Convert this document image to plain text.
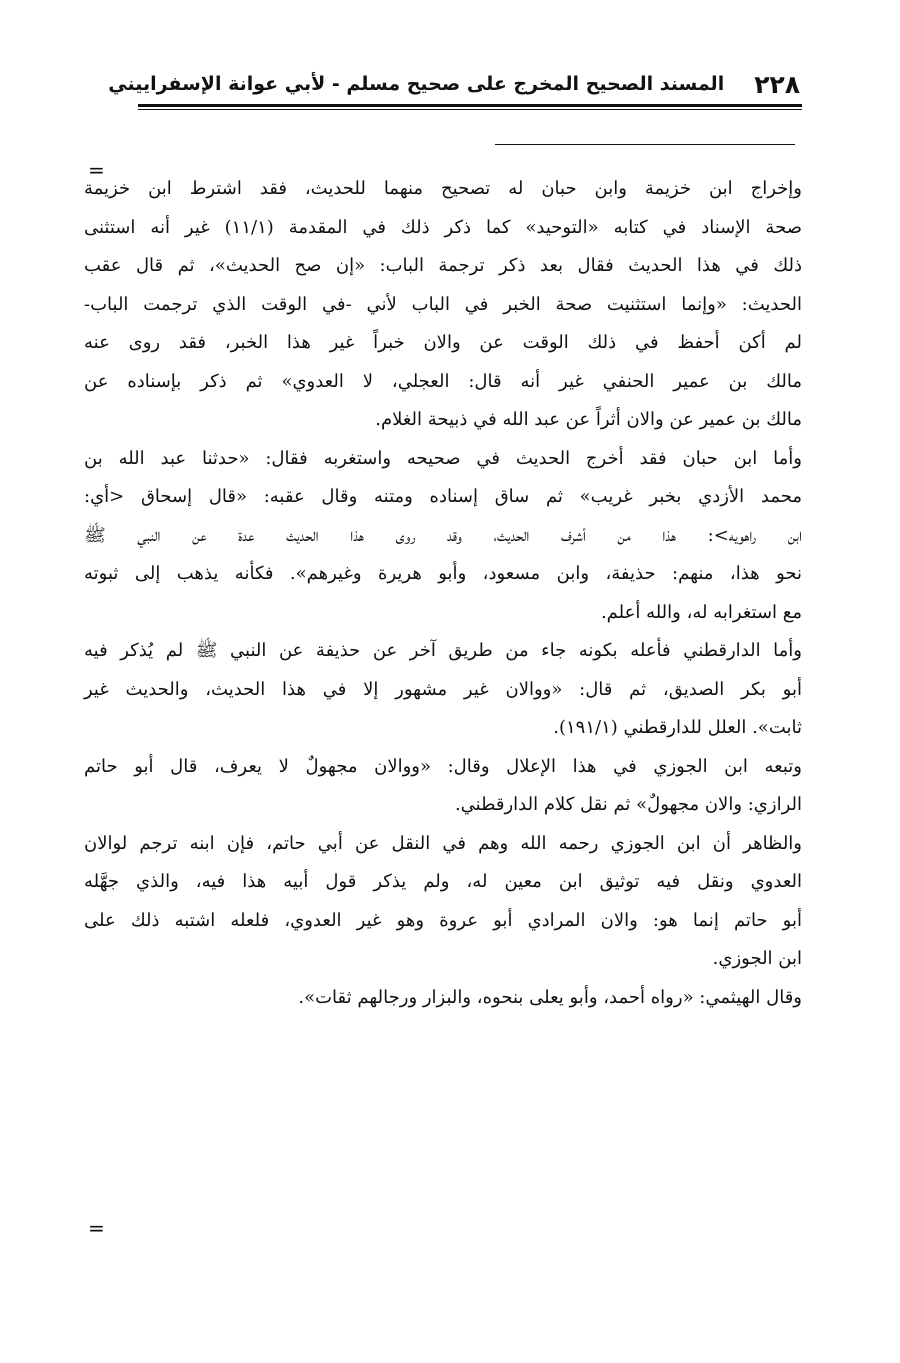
٢٢٨
المسند الصحيح المخرج على صحيح مسلم - لأبي عوانة الإسفراييني
=
=
وإخراج ابن خزيمة وابن حبان له تصحيح منهما للحديث، فقد اشترط ابن خزيمة
صحة الإسناد في كتابه «التوحيد» كما ذكر ذلك في المقدمة (١١/١) غير أنه استثنى
ذلك في هذا الحديث فقال بعد ذكر ترجمة الباب: «إن صح الحديث»، ثم قال عقب
الحديث: «وإنما استثنيت صحة الخبر في الباب لأني -في الوقت الذي ترجمت الباب-
لم أكن أحفظ في ذلك الوقت عن والان خبراً غير هذا الخبر، فقد روى عنه
مالك بن عمير الحنفي غير أنه قال: العجلي، لا العدوي» ثم ذكر بإسناده عن
مالك بن عمير عن والان أثراً عن عبد الله في ذبيحة الغلام.
وأما ابن حبان فقد أخرج الحديث في صحيحه واستغربه فقال: «حدثنا عبد الله بن
محمد الأزدي بخبر غريب» ثم ساق إسناده ومتنه وقال عقبه: «قال إسحاق <أي:
ابن راهويه>: هذا من أشرف الحديث، وقد روى هذا الحديث عدة عن النبي ﷺ
نحو هذا، منهم: حذيفة، وابن مسعود، وأبو هريرة وغيرهم». فكأنه يذهب إلى ثبوته
مع استغرابه له، والله أعلم.
وأما الدارقطني فأعله بكونه جاء من طريق آخر عن حذيفة عن النبي ﷺ لم يُذكر فيه
أبو بكر الصديق، ثم قال: «ووالان غير مشهور إلا في هذا الحديث، والحديث غير
ثابت». العلل للدارقطني (١٩١/١).
وتبعه ابن الجوزي في هذا الإعلال وقال: «ووالان مجهولٌ لا يعرف، قال أبو حاتم
الرازي: والان مجهولٌ» ثم نقل كلام الدارقطني.
والظاهر أن ابن الجوزي رحمه الله وهم في النقل عن أبي حاتم، فإن ابنه ترجم لوالان
العدوي ونقل فيه توثيق ابن معين له، ولم يذكر قول أبيه هذا فيه، والذي جهَّله
أبو حاتم إنما هو: والان المرادي أبو عروة وهو غير العدوي، فلعله اشتبه ذلك على
ابن الجوزي.
وقال الهيثمي: «رواه أحمد، وأبو يعلى بنحوه، والبزار ورجالهم ثقات».
